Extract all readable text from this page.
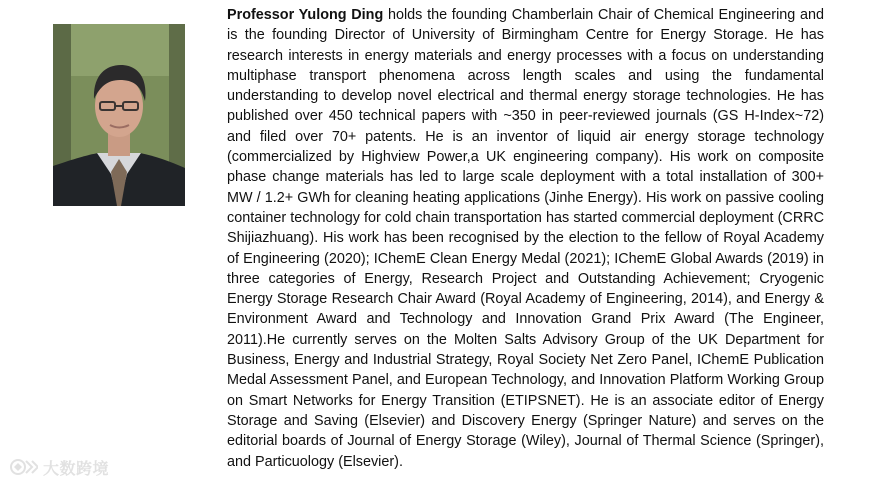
Professor Yulong Ding holds the founding Chamberlain Chair of Chemical Engineering and is the founding Director of University of Birmingham Centre for Energy Storage. He has research interests in energy materials and energy processes with a focus on understanding multiphase transport phenomena across length scales and using the fundamental understanding to develop novel electrical and thermal energy storage technologies. He has published over 450 technical papers with ~350 in peer-reviewed journals (GS H-Index~72) and filed over 70+ patents. He is an inventor of liquid air energy storage technology (commercialized by Highview Power,a UK engineering company). His work on composite phase change materials has led to large scale deployment with a total installation of 300+ MW / 1.2+ GWh for cleaning heating applications (Jinhe Energy). His work on passive cooling container technology for cold chain transportation has started commercial deployment (CRRC Shijiazhuang). His work has been recognised by the election to the fellow of Royal Academy of Engineering (2020); IChemE Clean Energy Medal (2021); IChemE Global Awards (2019) in three categories of Energy, Research Project and Outstanding Achievement; Cryogenic Energy Storage Research Chair Award (Royal Academy of Engineering, 2014), and Energy & Environment Award and Technology and Innovation Grand Prix Award (The Engineer, 2011).He currently serves on the Molten Salts Advisory Group of the UK Department for Business, Energy and Industrial Strategy, Royal Society Net Zero Panel, IChemE Publication Medal Assessment Panel, and European Technology, and Innovation Platform Working Group on Smart Networks for Energy Transition (ETIPSNET). He is an associate editor of Energy Storage and Saving (Elsevier) and Discovery Energy (Springer Nature) and serves on the editorial boards of Journal of Energy Storage (Wiley), Journal of Thermal Science (Springer), and Particuology (Elsevier).

大数跨境
